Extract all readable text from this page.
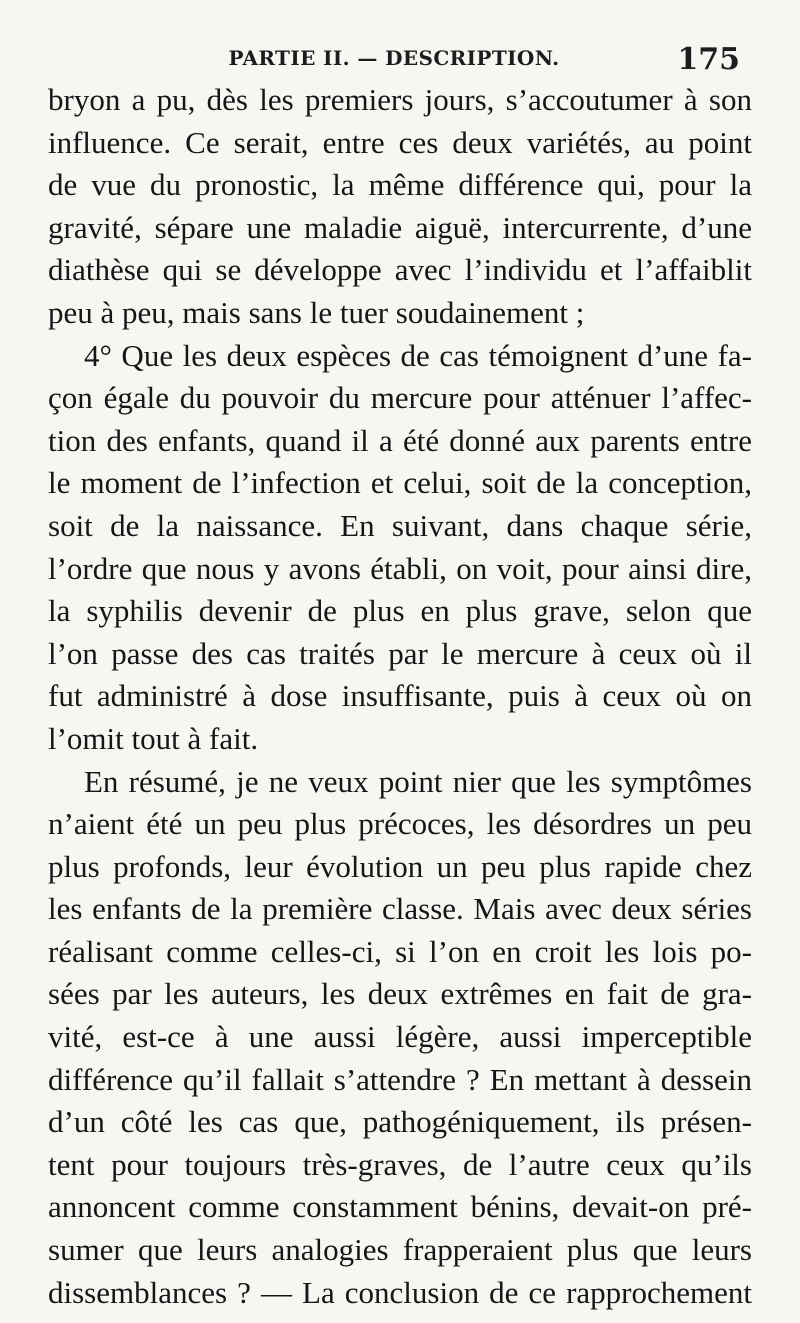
PARTIE II. — DESCRIPTION.	175
bryon a pu, dès les premiers jours, s’accoutumer à son
influence. Ce serait, entre ces deux variétés, au point
de vue du pronostic, la même différence qui, pour la
gravité, sépare une maladie aiguë, intercurrente, d’une
diathèse qui se développe avec l’individu et l’affaiblit
peu à peu, mais sans le tuer soudainement ;
4° Que les deux espèces de cas témoignent d’une fa-
çon égale du pouvoir du mercure pour atténuer l’affec-
tion des enfants, quand il a été donné aux parents entre
le moment de l’infection et celui, soit de la conception,
soit de la naissance. En suivant, dans chaque série,
l’ordre que nous y avons établi, on voit, pour ainsi dire,
la syphilis devenir de plus en plus grave, selon que
l’on passe des cas traités par le mercure à ceux où il
fut administré à dose insuffisante, puis à ceux où on
l’omit tout à fait.
En résumé, je ne veux point nier que les symptômes
n’aient été un peu plus précoces, les désordres un peu
plus profonds, leur évolution un peu plus rapide chez
les enfants de la première classe. Mais avec deux séries
réalisant comme celles-ci, si l’on en croit les lois po-
sées par les auteurs, les deux extrêmes en fait de gra-
vité, est-ce à une aussi légère, aussi imperceptible
différence qu’il fallait s’attendre ? En mettant à dessein
d’un côté les cas que, pathogéniquement, ils présen-
tent pour toujours très-graves, de l’autre ceux qu’ils
annoncent comme constamment bénins, devait-on pré-
sumer que leurs analogies frapperaient plus que leurs
dissemblances ? — La conclusion de ce rapprochement
